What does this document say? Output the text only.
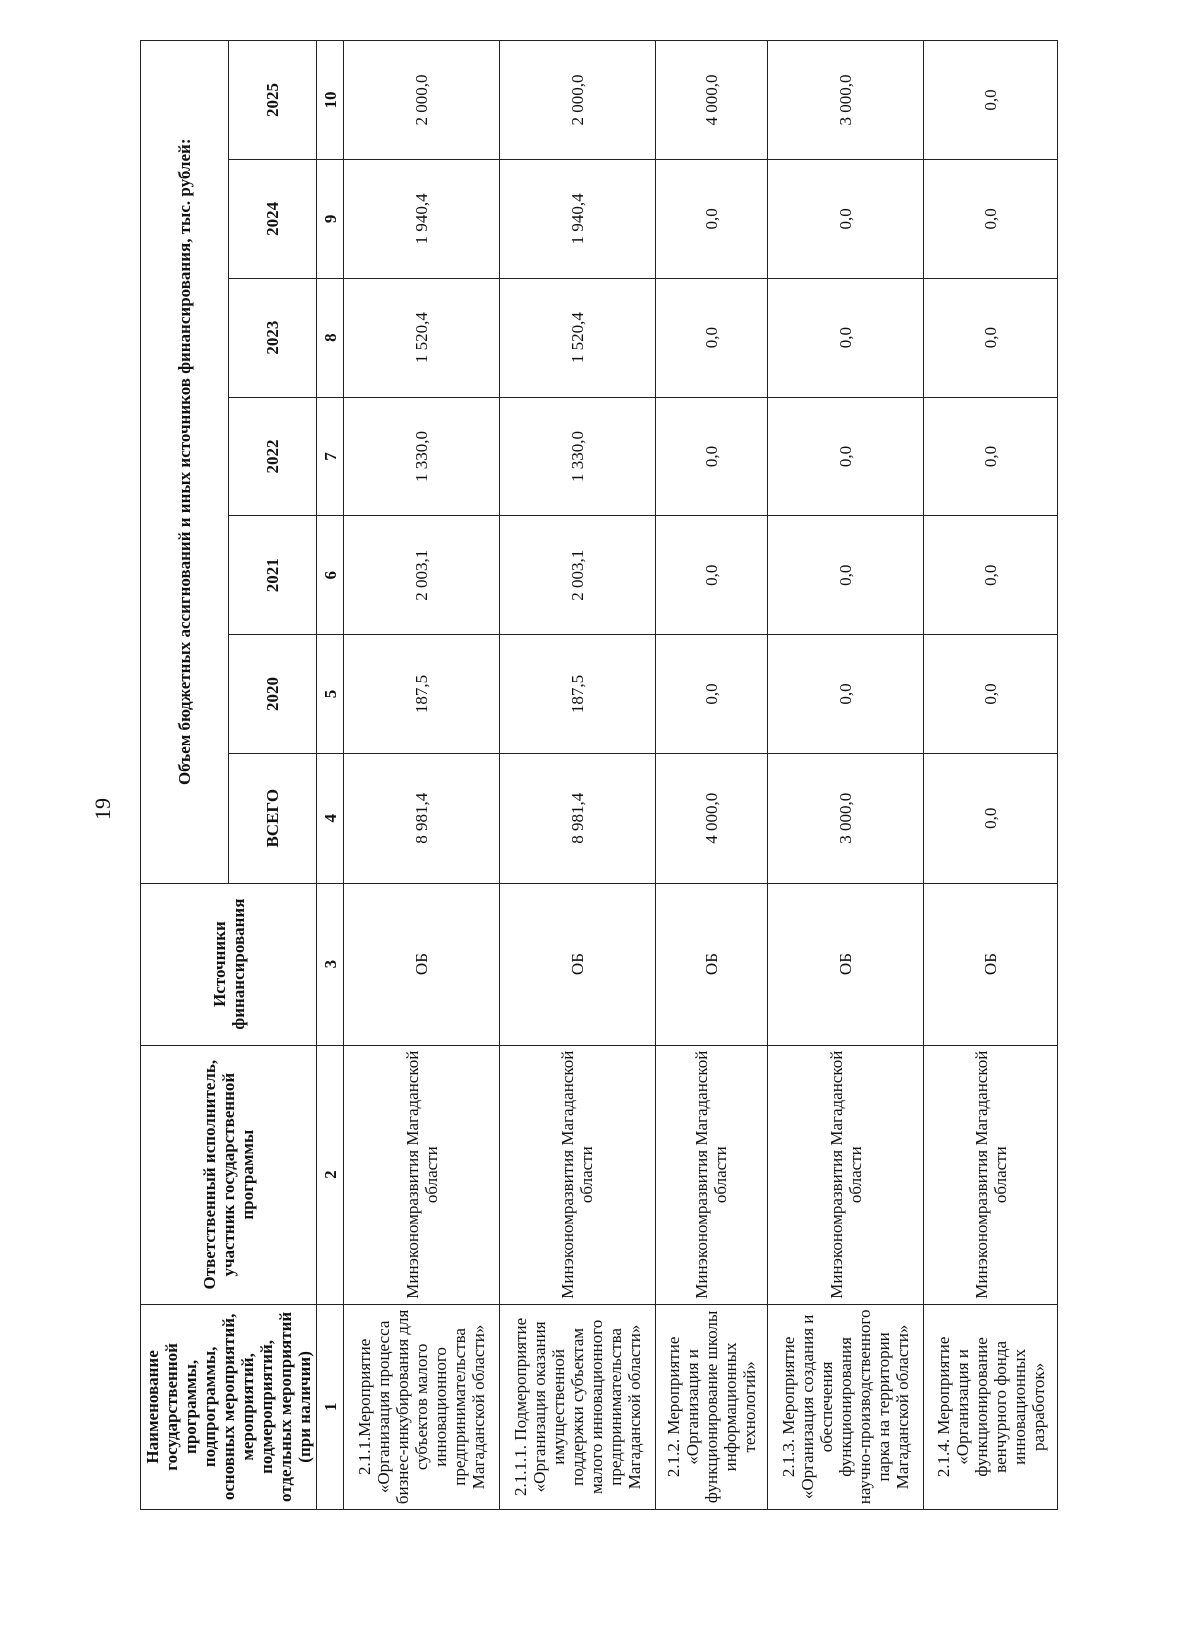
19
Наименование государственной программы, подпрограммы, основных мероприятий, мероприятий, подмероприятий, отдельных мероприятий (при наличии)	Ответственный исполнитель, участник государственной программы	Источники финансирования	Объем бюджетных ассигнований и иных источников финансирования, тыс. рублей:						
			ВСЕГО	2020	2021	2022	2023	2024	2025
1	2	3	4	5	6	7	8	9	10
2.1.1.Мероприятие «Организация процесса бизнес-инкубирования для субъектов малого инновационного предпринимательства Магаданской области»	Минэкономразвития Магаданской области	ОБ	8 981,4	187,5	2 003,1	1 330,0	1 520,4	1 940,4	2 000,0
2.1.1.1. Подмероприятие «Организация оказания имущественной поддержки субъектам малого инновационного предпринимательства Магаданской области»	Минэкономразвития Магаданской области	ОБ	8 981,4	187,5	2 003,1	1 330,0	1 520,4	1 940,4	2 000,0
2.1.2. Мероприятие «Организация и функционирование школы информационных технологий»	Минэкономразвития Магаданской области	ОБ	4 000,0	0,0	0,0	0,0	0,0	0,0	4 000,0
2.1.3. Мероприятие «Организация создания и обеспечения функционирования научно-производственного парка на территории Магаданской области»	Минэкономразвития Магаданской области	ОБ	3 000,0	0,0	0,0	0,0	0,0	0,0	3 000,0
2.1.4. Мероприятие «Организация и функционирование венчурного фонда инновационных разработок»	Минэкономразвития Магаданской области	ОБ	0,0	0,0	0,0	0,0	0,0	0,0	0,0
